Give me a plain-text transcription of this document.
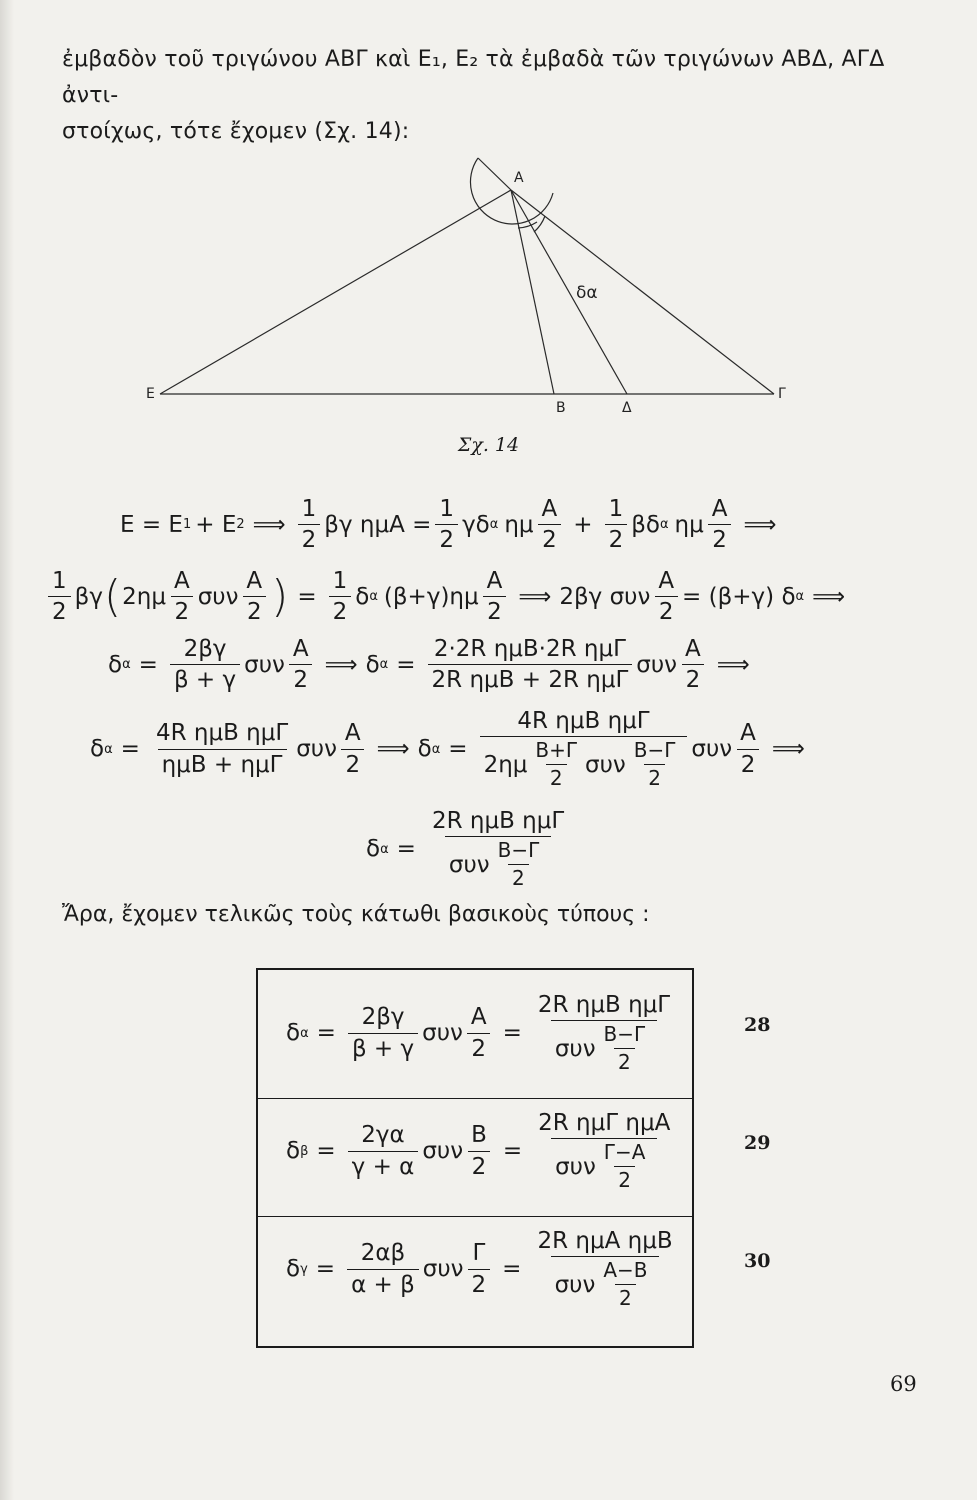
ἐμβαδὸν τοῦ τριγώνου ΑΒΓ καὶ Ε₁, Ε₂ τὰ ἐμβαδὰ τῶν τριγώνων ΑΒΔ, ΑΓΔ ἀντι-

στοίχως, τότε ἔχομεν (Σχ. 14):

Α
Ε
Β	Δ
Γ
δα
Σχ. 14
Ε = Ε 1 + Ε 2 ⟹ $\frac{1}{2}$ βγ $\eta\mu A = \frac{1}{2}$ γδ α ημ $\frac{A}{2} + \frac{1}{2}$ βδ α ημ $\frac{A}{2}$ ⟹
$\frac{1}{2}$ βγ ( $2\eta\mu \frac{A}{2}$ συν $\frac{A}{2}$ ) = $\frac{1}{2}$ δ α $(\beta+\gamma)\eta\mu \frac{A}{2}$ ⟹ 2βγ συν $\frac{A}{2} = (\beta+\gamma)$ δ α ⟹
δ $\alpha = \frac{2\beta\gamma}{\beta + \gamma}$ συν $\frac{A}{2}$ ⟹ δ $\alpha = \frac{\text{2·2R ημΒ·2R ημΓ}}{\text{2R ημΒ + 2R ημΓ}}$ συν $\frac{A}{2}$ ⟹
δ $\alpha = \frac{\text{4R ημΒ ημΓ}}{\text{ημΒ + ημΓ}}$ συν $\frac{A}{2}$ ⟹ δ $\alpha = \frac{\text{4R ημΒ ημΓ}}{2\eta\mu \frac{B+\Gamma}{2} \sigma\upsilon\nu \frac{B-\Gamma}{2}}$ συν $\frac{A}{2}$ ⟹
δ $\alpha = \frac{\text{2R ημΒ ημΓ}}{\sigma\upsilon\nu \frac{B-\Gamma}{2}}$
Ἄρα, ἔχομεν τελικῶς τοὺς κάτωθι βασικοὺς τύπους :
δ $\alpha = \frac{2\beta\gamma}{\beta + \gamma}$ συν $\frac{A}{2} = \frac{\text{2R ημΒ ημΓ}}{\sigma\upsilon\nu \frac{B-\Gamma}{2}}$
δ $\beta = \frac{2\gamma\alpha}{\gamma + \alpha}$ συν $\frac{B}{2} = \frac{\text{2R ημΓ ημΑ}}{\sigma\upsilon\nu \frac{\Gamma-A}{2}}$
δ $\gamma = \frac{2\alpha\beta}{\alpha + \beta}$ συν $\frac{\Gamma}{2} = \frac{\text{2R ημΑ ημΒ}}{\sigma\upsilon\nu \frac{A-B}{2}}$
28
29
30
69
